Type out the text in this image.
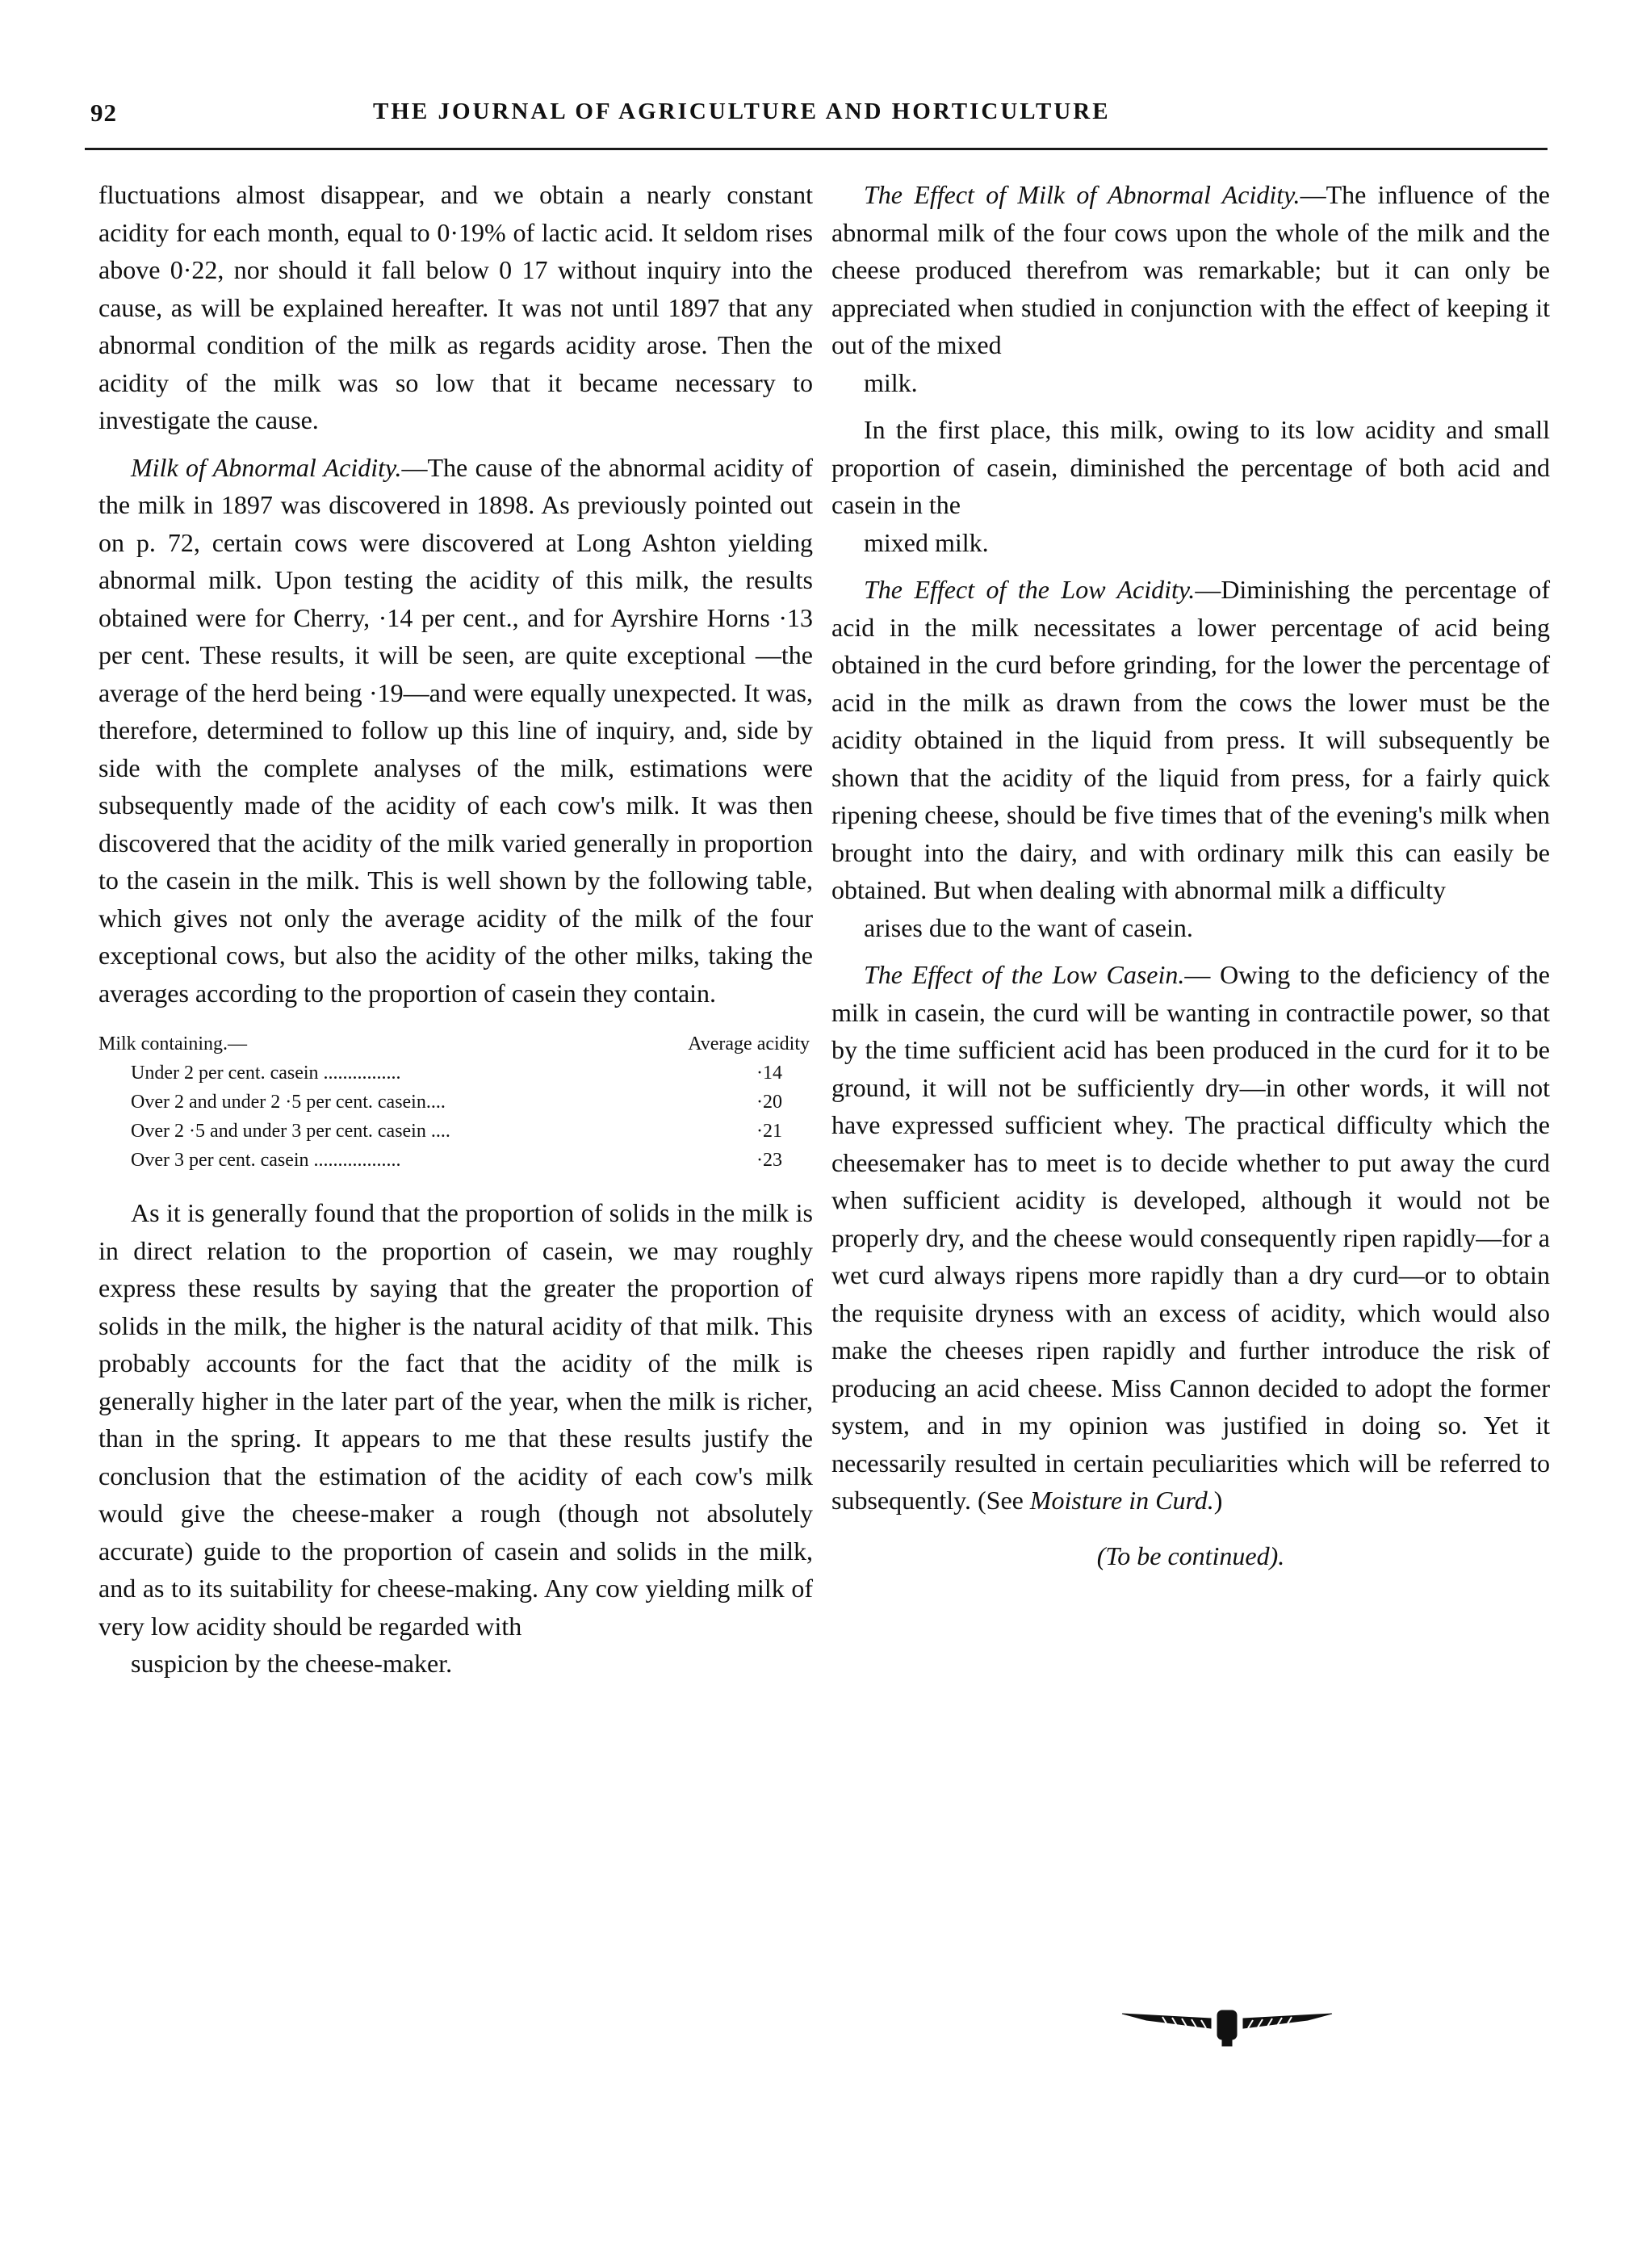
92	THE JOURNAL OF AGRICULTURE AND HORTICULTURE

fluctuations almost disappear, and we obtain a nearly constant acidity for each month, equal to 0·19% of lactic acid. It seldom rises above 0·22, nor should it fall below 0 17 without inquiry into the cause, as will be explained hereafter. It was not until 1897 that any abnormal condition of the milk as regards acidity arose. Then the acidity of the milk was so low that it became necessary to investigate the cause.

Milk of Abnormal Acidity.—The cause of the abnormal acidity of the milk in 1897 was discovered in 1898. As previously pointed out on p. 72, certain cows were discovered at Long Ashton yielding abnormal milk. Upon testing the acidity of this milk, the results obtained were for Cherry, ·14 per cent., and for Ayrshire Horns ·13 per cent. These results, it will be seen, are quite exceptional —the average of the herd being ·19—and were equally unexpected. It was, therefore, determined to follow up this line of inquiry, and, side by side with the complete analyses of the milk, estimations were subsequently made of the acidity of each cow's milk. It was then discovered that the acidity of the milk varied generally in proportion to the casein in the milk. This is well shown by the following table, which gives not only the average acidity of the milk of the four exceptional cows, but also the acidity of the other milks, taking the averages according to the proportion of casein they contain.

Milk containing.—	Average acidity
Under 2 per cent. casein ................	·14
Over 2 and under 2 ·5 per cent. casein....	·20
Over 2 ·5 and under 3 per cent. casein ....	·21
Over 3 per cent. casein ..................	·23

As it is generally found that the proportion of solids in the milk is in direct relation to the proportion of casein, we may roughly express these results by saying that the greater the proportion of solids in the milk, the higher is the natural acidity of that milk. This probably accounts for the fact that the acidity of the milk is generally higher in the later part of the year, when the milk is richer, than in the spring. It appears to me that these results justify the conclusion that the estimation of the acidity of each cow's milk would give the cheese-maker a rough (though not absolutely accurate) guide to the proportion of casein and solids in the milk, and as to its suitability for cheese-making. Any cow yielding milk of very low acidity should be regarded with
suspicion by the cheese-maker.

The Effect of Milk of Abnormal Acidity.—The influence of the abnormal milk of the four cows upon the whole of the milk and the cheese produced therefrom was remarkable; but it can only be appreciated when studied in conjunction with the effect of keeping it out of the mixed
milk.

In the first place, this milk, owing to its low acidity and small proportion of casein, diminished the percentage of both acid and casein in the
mixed milk.

The Effect of the Low Acidity.—Diminishing the percentage of acid in the milk necessitates a lower percentage of acid being obtained in the curd before grinding, for the lower the percentage of acid in the milk as drawn from the cows the lower must be the acidity obtained in the liquid from press. It will subsequently be shown that the acidity of the liquid from press, for a fairly quick ripening cheese, should be five times that of the evening's milk when brought into the dairy, and with ordinary milk this can easily be obtained. But when dealing with abnormal milk a difficulty
arises due to the want of casein.

The Effect of the Low Casein.— Owing to the deficiency of the milk in casein, the curd will be wanting in contractile power, so that by the time sufficient acid has been produced in the curd for it to be ground, it will not be sufficiently dry—in other words, it will not have expressed sufficient whey. The practical difficulty which the cheesemaker has to meet is to decide whether to put away the curd when sufficient acidity is developed, although it would not be properly dry, and the cheese would consequently ripen rapidly—for a wet curd always ripens more rapidly than a dry curd—or to obtain the requisite dryness with an excess of acidity, which would also make the cheeses ripen rapidly and further introduce the risk of producing an acid cheese. Miss Cannon decided to adopt the former system, and in my opinion was justified in doing so. Yet it necessarily resulted in certain peculiarities which will be referred to subsequently. (See Moisture in Curd.)

(To be continued).
